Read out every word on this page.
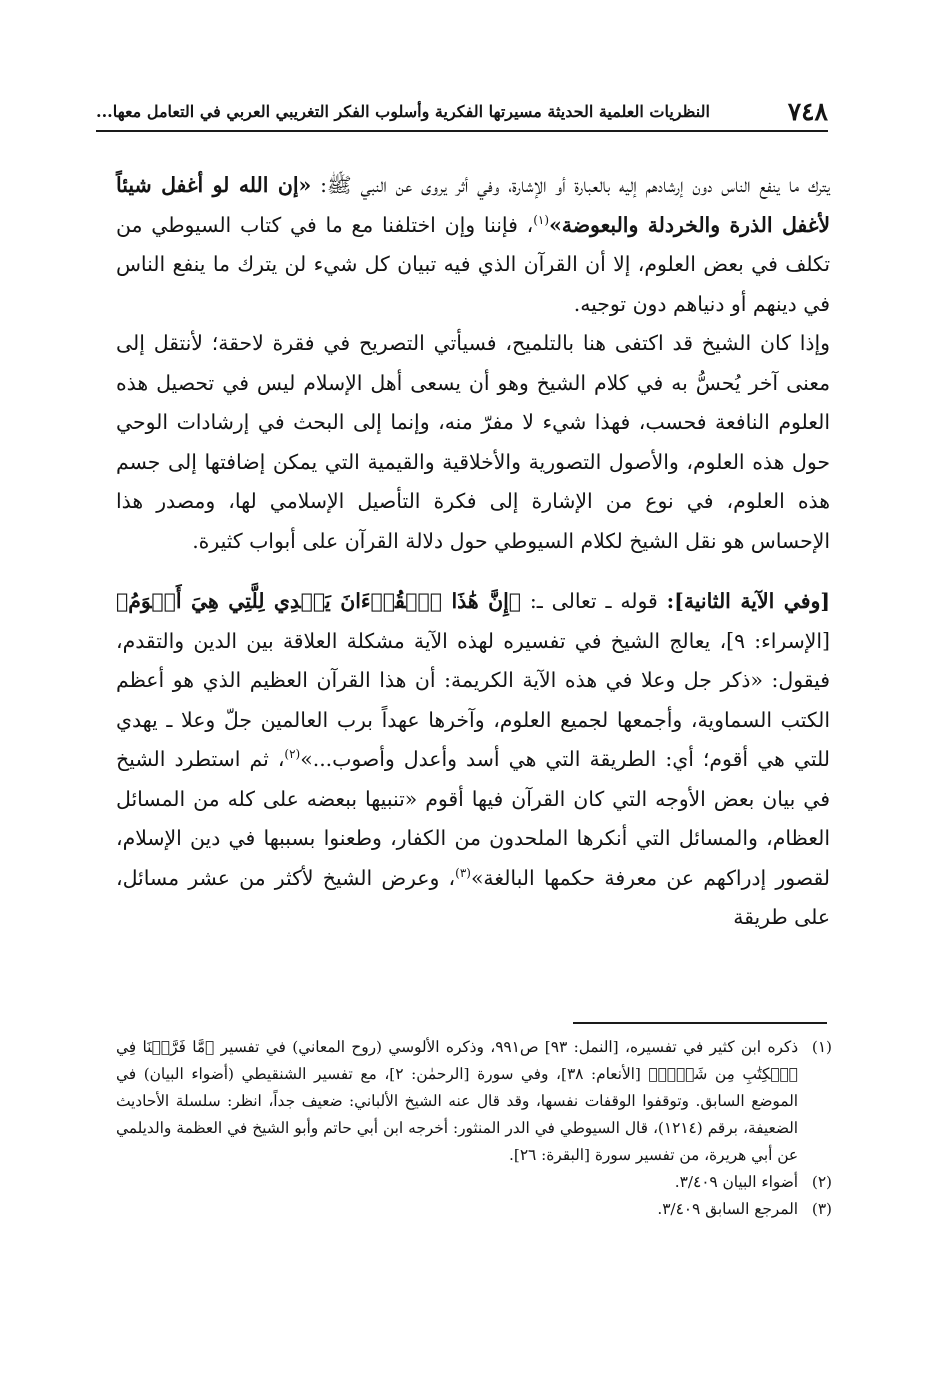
٧٤٨
النظريات العلمية الحديثة مسيرتها الفكرية وأسلوب الفكر التغريبي العربي في التعامل معها...

يترك ما ينفع الناس دون إرشادهم إليه بالعبارة أو الإشارة، وفي أثر يروى عن النبي ﷺ: «إن الله لو أغفل شيئاً لأغفل الذرة والخردلة والبعوضة»$^{(١)}$، فإننا وإن اختلفنا مع ما في كتاب السيوطي من تكلف في بعض العلوم، إلا أن القرآن الذي فيه تبيان كل شيء لن يترك ما ينفع الناس في دينهم أو دنياهم دون توجيه.

وإذا كان الشيخ قد اكتفى هنا بالتلميح، فسيأتي التصريح في فقرة لاحقة؛ لأنتقل إلى معنى آخر يُحسُّ به في كلام الشيخ وهو أن يسعى أهل الإسلام ليس في تحصيل هذه العلوم النافعة فحسب، فهذا شيء لا مفرّ منه، وإنما إلى البحث في إرشادات الوحي حول هذه العلوم، والأصول التصورية والأخلاقية والقيمية التي يمكن إضافتها إلى جسم هذه العلوم، في نوع من الإشارة إلى فكرة التأصيل الإسلامي لها، ومصدر هذا الإحساس هو نقل الشيخ لكلام السيوطي حول دلالة القرآن على أبواب كثيرة.

[وفي الآية الثانية]: قوله ـ تعالى ـ: ﴿إِنَّ هَٰذَا ٱلۡقُرۡءَانَ يَهۡدِي لِلَّتِي هِيَ أَقۡوَمُ﴾ [الإسراء: ٩]، يعالج الشيخ في تفسيره لهذه الآية مشكلة العلاقة بين الدين والتقدم، فيقول: «ذكر جل وعلا في هذه الآية الكريمة: أن هذا القرآن العظيم الذي هو أعظم الكتب السماوية، وأجمعها لجميع العلوم، وآخرها عهداً برب العالمين جلّ وعلا ـ يهدي للتي هي أقوم؛ أي: الطريقة التي هي أسد وأعدل وأصوب...»$^{(٢)}$، ثم استطرد الشيخ في بيان بعض الأوجه التي كان القرآن فيها أقوم «تنبيها ببعضه على كله من المسائل العظام، والمسائل التي أنكرها الملحدون من الكفار، وطعنوا بسببها في دين الإسلام، لقصور إدراكهم عن معرفة حكمها البالغة»$^{(٣)}$، وعرض الشيخ لأكثر من عشر مسائل، على طريقة

(١)
ذكره ابن كثير في تفسيره، [النمل: ٩٣] ص٩٩١، وذكره الألوسي (روح المعاني) في تفسير ﴿مَّا فَرَّطۡنَا فِي ٱلۡكِتَٰبِ مِن شَيۡءٖ﴾ [الأنعام: ٣٨]، وفي سورة [الرحمٰن: ٢]، مع تفسير الشنقيطي (أضواء البيان) في الموضع السابق. وتوقفوا الوقفات نفسها، وقد قال عنه الشيخ الألباني: ضعيف جداً، انظر: سلسلة الأحاديث الضعيفة، برقم (١٢١٤)، قال السيوطي في الدر المنثور: أخرجه ابن أبي حاتم وأبو الشيخ في العظمة والديلمي عن أبي هريرة، من تفسير سورة [البقرة: ٢٦].
(٢)
أضواء البيان ٣/٤٠٩.
(٣)
المرجع السابق ٣/٤٠٩.
